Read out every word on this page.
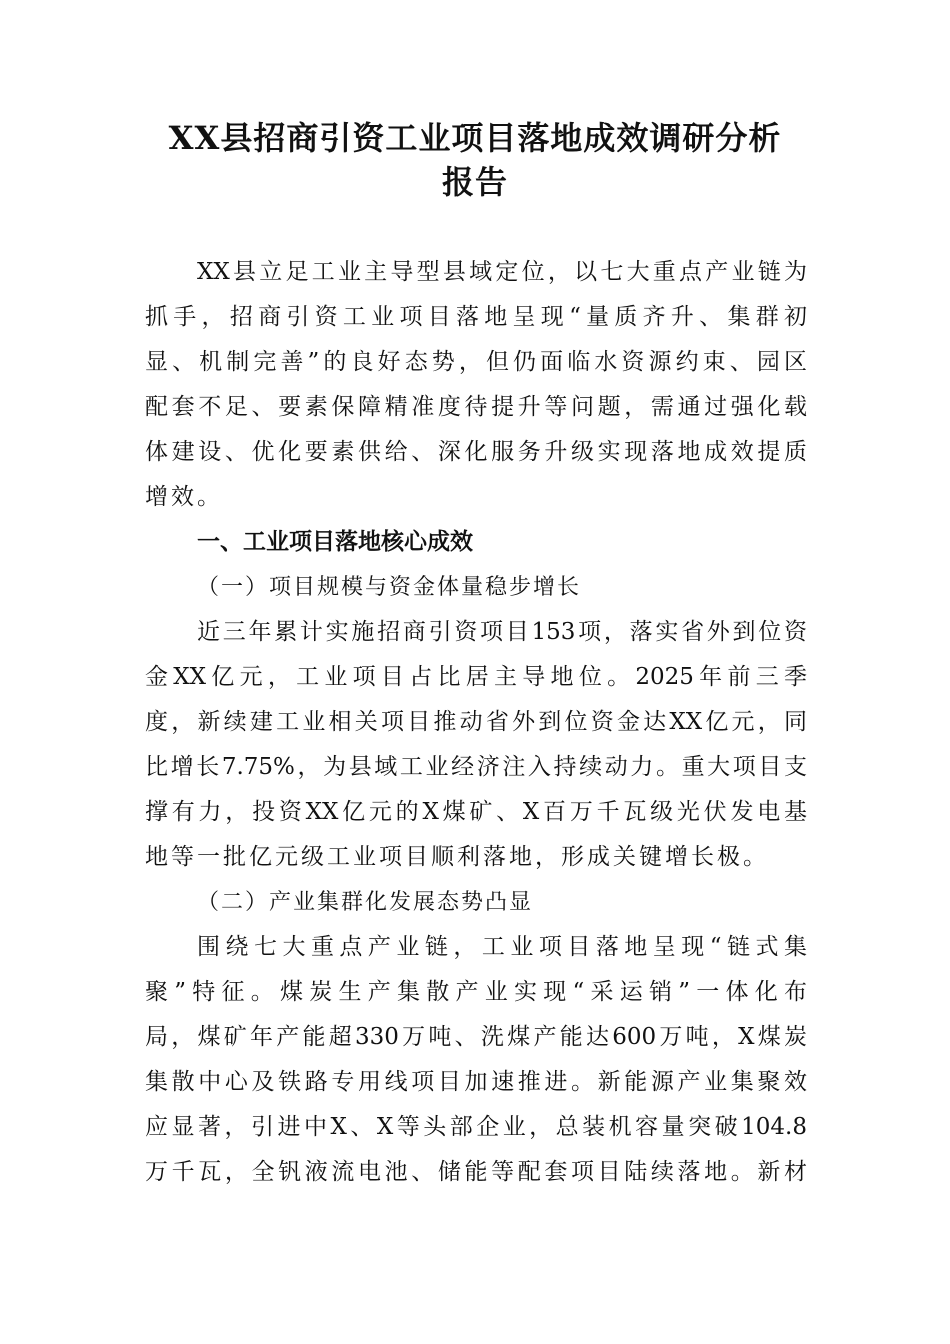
XX县招商引资工业项目落地成效调研分析
报告
XX县立足工业主导型县域定位，以七大重点产业链为
抓手，招商引资工业项目落地呈现“量质齐升、集群初
显、机制完善”的良好态势，但仍面临水资源约束、园区
配套不足、要素保障精准度待提升等问题，需通过强化载
体建设、优化要素供给、深化服务升级实现落地成效提质
增效。
一、工业项目落地核心成效
（一）项目规模与资金体量稳步增长
近三年累计实施招商引资项目153项，落实省外到位资
金XX亿元，工业项目占比居主导地位。2025年前三季
度，新续建工业相关项目推动省外到位资金达XX亿元，同
比增长7.75%，为县域工业经济注入持续动力。重大项目支
撑有力，投资XX亿元的X煤矿、X百万千瓦级光伏发电基
地等一批亿元级工业项目顺利落地，形成关键增长极。
（二）产业集群化发展态势凸显
围绕七大重点产业链，工业项目落地呈现“链式集
聚”特征。煤炭生产集散产业实现“采运销”一体化布
局，煤矿年产能超330万吨、洗煤产能达600万吨，X煤炭
集散中心及铁路专用线项目加速推进。新能源产业集聚效
应显著，引进中X、X等头部企业，总装机容量突破104.8
万千瓦，全钒液流电池、储能等配套项目陆续落地。新材
